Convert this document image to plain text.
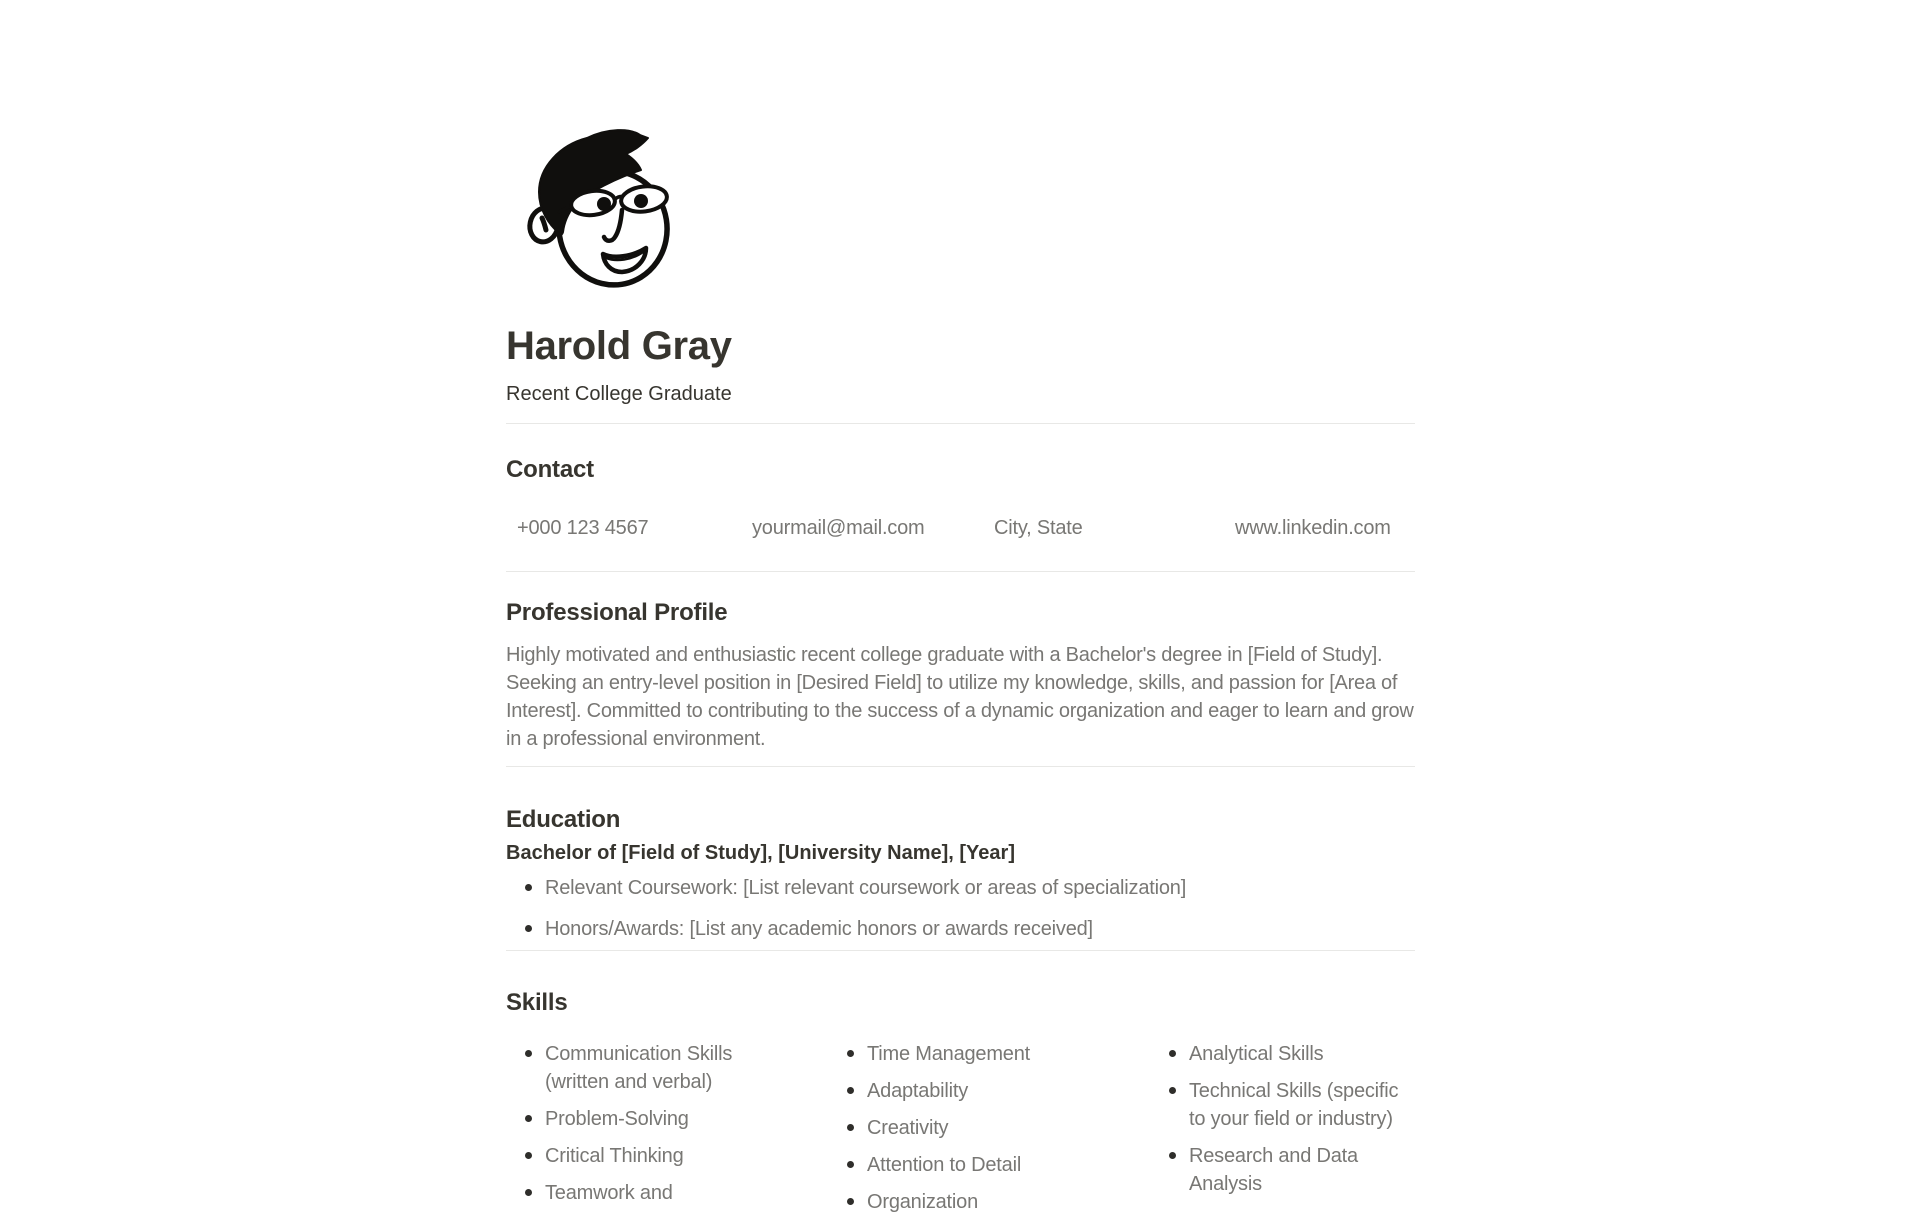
Harold Gray
Recent College Graduate
Contact
+000 123 4567	yourmail@mail.com	City, State	www.linkedin.com
Professional Profile
Highly motivated and enthusiastic recent college graduate with a Bachelor's degree in [Field of Study].
Seeking an entry-level position in [Desired Field] to utilize my knowledge, skills, and passion for [Area of
Interest]. Committed to contributing to the success of a dynamic organization and eager to learn and grow
in a professional environment.
Education
Bachelor of [Field of Study], [University Name], [Year]
Relevant Coursework: [List relevant coursework or areas of specialization]
Honors/Awards: [List any academic honors or awards received]
Skills
Communication Skills
(written and verbal)
Problem-Solving
Critical Thinking
Teamwork and
Time Management
Adaptability
Creativity
Attention to Detail
Organization
Analytical Skills
Technical Skills (specific
to your field or industry)
Research and Data
Analysis
